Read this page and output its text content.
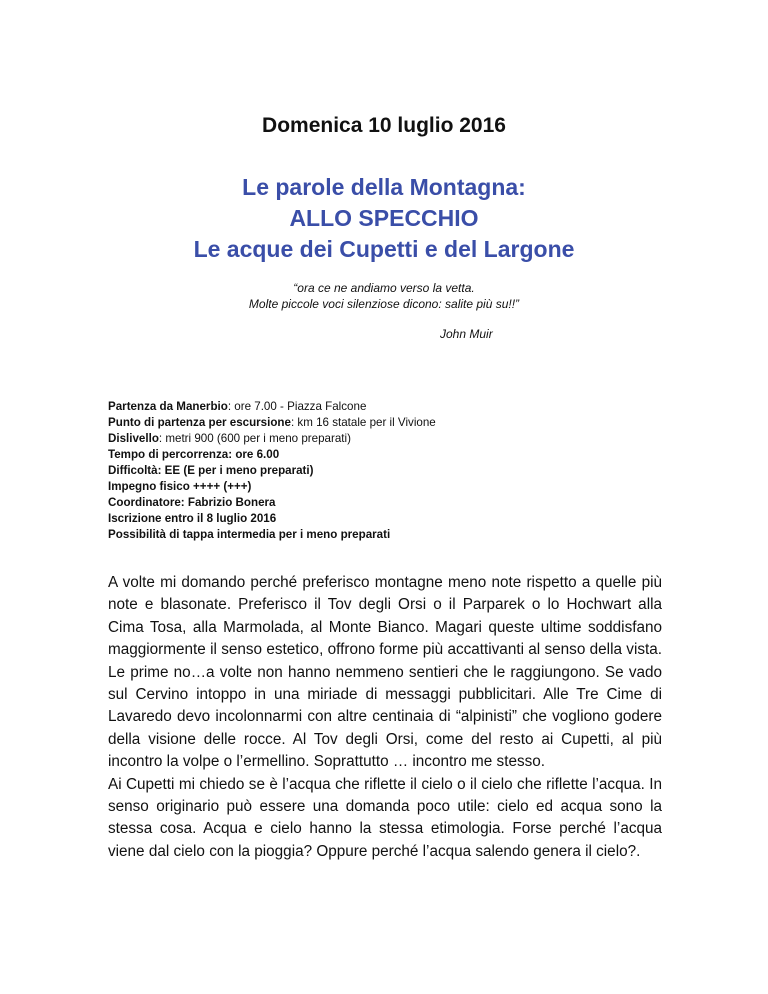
Domenica 10 luglio 2016
Le parole della Montagna:
ALLO SPECCHIO
Le acque dei Cupetti e del Largone
“ora ce ne andiamo verso la vetta.
Molte piccole voci silenziose dicono: salite più su!!”
John Muir
Partenza da Manerbio: ore 7.00 - Piazza Falcone
Punto di partenza per escursione: km 16 statale per il Vivione
Dislivello: metri 900 (600 per i meno preparati)
Tempo di percorrenza: ore 6.00
Difficoltà: EE (E per i meno preparati)
Impegno fisico ++++ (+++)
Coordinatore: Fabrizio Bonera
Iscrizione entro il 8 luglio 2016
Possibilità di tappa intermedia per i meno preparati

A volte mi domando perché preferisco montagne meno note rispetto a quelle più note e blasonate. Preferisco il Tov degli Orsi o il Parparek o lo Hochwart alla Cima Tosa, alla Marmolada, al Monte Bianco. Magari queste ultime soddisfano maggiormente il senso estetico, offrono forme più accattivanti al senso della vista. Le prime no…a volte non hanno nemmeno sentieri che le raggiungono. Se vado sul Cervino intoppo in una miriade di messaggi pubblicitari. Alle Tre Cime di Lavaredo devo incolonnarmi con altre centinaia di “alpinisti” che vogliono godere della visione delle rocce. Al Tov degli Orsi, come del resto ai Cupetti, al più incontro la volpe o l’ermellino. Soprattutto … incontro me stesso.

Ai Cupetti mi chiedo se è l’acqua che riflette il cielo o il cielo che riflette l’acqua. In senso originario può essere una domanda poco utile: cielo ed acqua sono la stessa cosa. Acqua e cielo hanno la stessa etimologia. Forse perché l’acqua viene dal cielo con la pioggia? Oppure perché l’acqua salendo genera il cielo?.
